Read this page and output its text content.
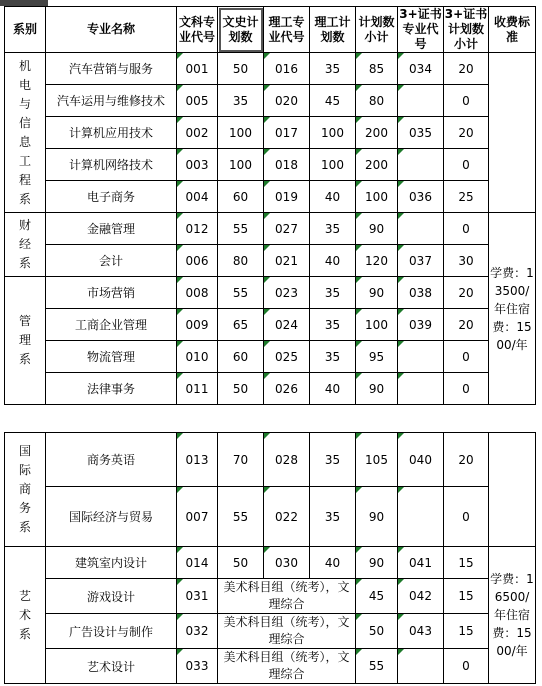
系别	专业名称	文科专业代号	文史计划数	理工专业代号	理工计划数	计划数小计	3+证书专业代号	3+证书计划数小计	收费标准
机电与信息工程系	汽车营销与服务	001	50	016	35	85	034	20	
	汽车运用与维修技术	005	35	020	45	80		0	
	计算机应用技术	002	100	017	100	200	035	20	
	计算机网络技术	003	100	018	100	200		0	
	电子商务	004	60	019	40	100	036	25	
财经系	金融管理	012	55	027	35	90		0	学费：13500/年住宿费：1500/年
	会计	006	80	021	40	120	037	30	
管理系	市场营销	008	55	023	35	90	038	20	
	工商企业管理	009	65	024	35	100	039	20	
	物流管理	010	60	025	35	95		0	
	法律事务	011	50	026	40	90		0	
国际商务系	商务英语	013	70	028	35	105	040	20	
	国际经济与贸易	007	55	022	35	90		0	
艺术系	建筑室内设计	014	50	030	40	90	041	15	学费：16500/年住宿费：1500/年
	游戏设计	031	美术科目组（统考），文理综合			45	042	15	
	广告设计与制作	032	美术科目组（统考），文理综合			50	043	15	
	艺术设计	033	美术科目组（统考），文理综合			55		0	
